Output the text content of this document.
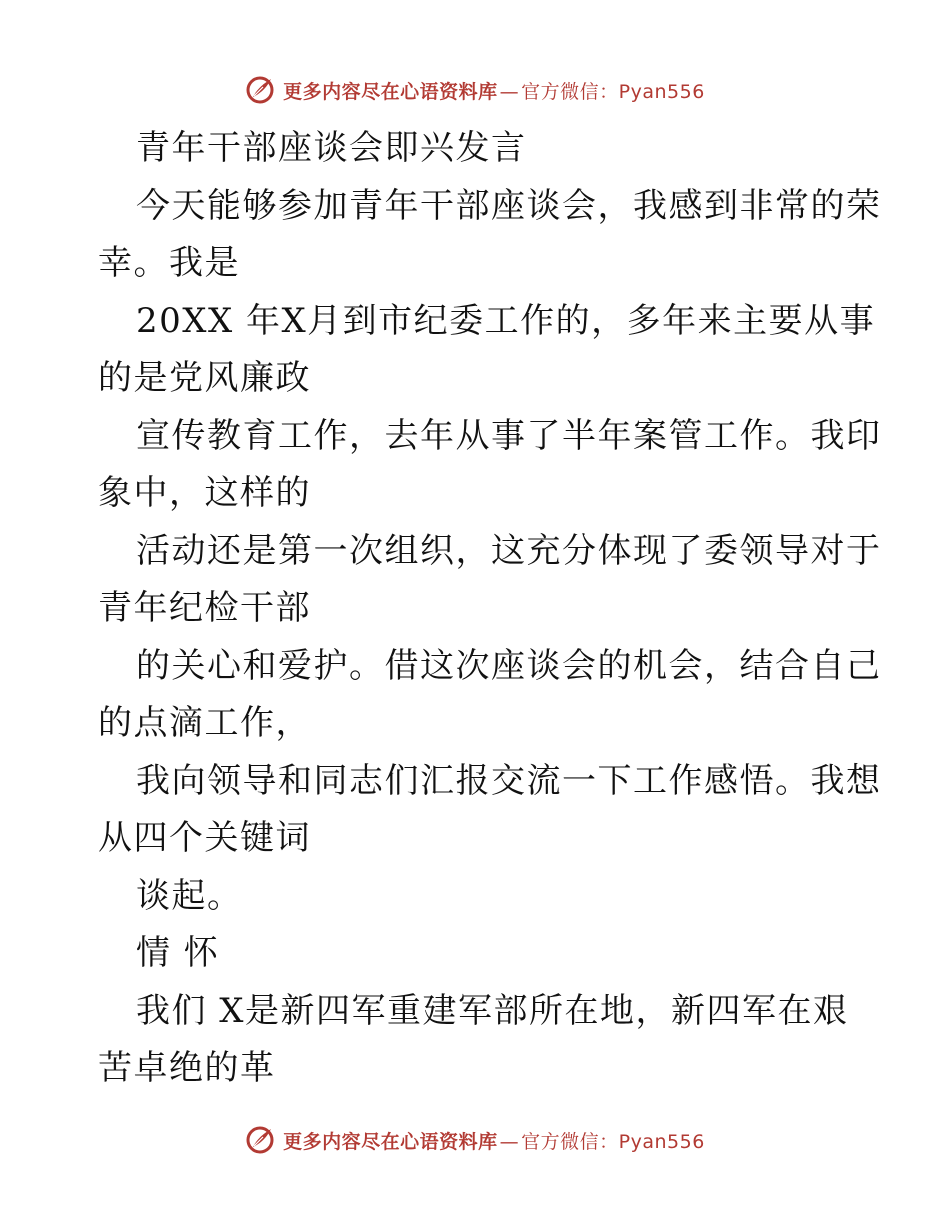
更多内容尽在心语资料库 — 官方微信：Pyan556
青年干部座谈会即兴发言
今天能够参加青年干部座谈会，我感到非常的荣
幸。我是
20XX 年X月到市纪委工作的，多年来主要从事
的是党风廉政
宣传教育工作，去年从事了半年案管工作。我印
象中，这样的
活动还是第一次组织，这充分体现了委领导对于
青年纪检干部
的关心和爱护。借这次座谈会的机会，结合自己
的点滴工作，
我向领导和同志们汇报交流一下工作感悟。我想
从四个关键词
谈起。
情 怀
我们 X是新四军重建军部所在地，新四军在艰
苦卓绝的革
更多内容尽在心语资料库 — 官方微信：Pyan556
